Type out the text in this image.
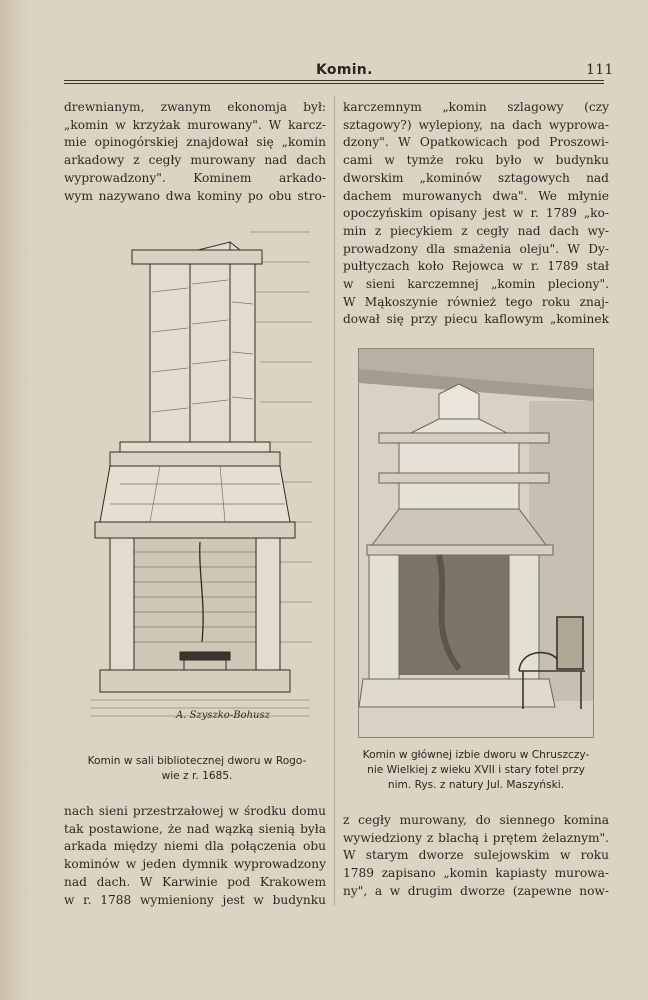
Komin.	111
drewnianym, zwanym ekonomja był:
„komin w krzyżak murowany". W karcz-
mie opinogórskiej znajdował się „komin
arkadowy z cegły murowany nad dach
wyprowadzony". Kominem arkado-
wym nazywano dwa kominy po obu stro-
karczemnym „komin szlagowy (czy
sztagowy?) wylepiony, na dach wyprowa-
dzony". W Opatkowicach pod Proszowi-
cami w tymże roku było w budynku
dworskim „kominów sztagowych nad
dachem murowanych dwa". We młynie
opoczyńskim opisany jest w r. 1789 „ko-
min z piecykiem z cegły nad dach wy-
prowadzony dla smażenia oleju". W Dy-
pułtyczach koło Rejowca w r. 1789 stał
w sieni karczemnej „komin pleciony".
W Mąkoszynie również tego roku znaj-
dował się przy piecu kaflowym „kominek
A. Szyszko-Bohusz
Komin w sali bibliotecznej dworu w Rogo-
wie z r. 1685.
Komin w głównej izbie dworu w Chruszczy-
nie Wielkiej z wieku XVII i stary fotel przy
nim. Rys. z natury Jul. Maszyński.
nach sieni przestrzałowej w środku domu
tak postawione, że nad wązką sienią była
arkada między niemi dla połączenia obu
kominów w jeden dymnik wyprowadzony
nad dach. W Karwinie pod Krakowem
w r. 1788 wymieniony jest w budynku
z cegły murowany, do siennego komina
wywiedziony z blachą i prętem żelaznym".
W starym dworze sulejowskim w roku
1789 zapisano „komin kapiasty murowa-
ny", a w drugim dworze (zapewne now-
